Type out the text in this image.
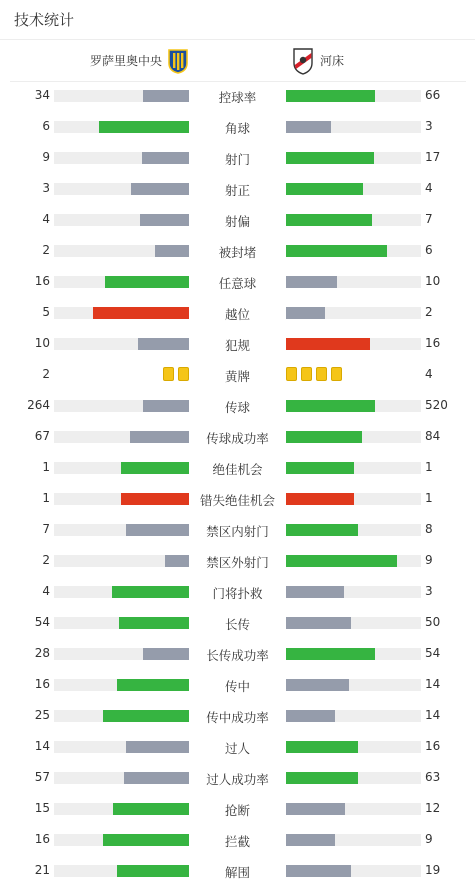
技术统计
罗萨里奥中央	河床
34	控球率	66
6	角球	3
9	射门	17
3	射正	4
4	射偏	7
2	被封堵	6
16	任意球	10
5	越位	2
10	犯规	16
2	黄牌	4
264	传球	520
67	传球成功率	84
1	绝佳机会	1
1	错失绝佳机会	1
7	禁区内射门	8
2	禁区外射门	9
4	门将扑救	3
54	长传	50
28	长传成功率	54
16	传中	14
25	传中成功率	14
14	过人	16
57	过人成功率	63
15	抢断	12
16	拦截	9
21	解围	19
